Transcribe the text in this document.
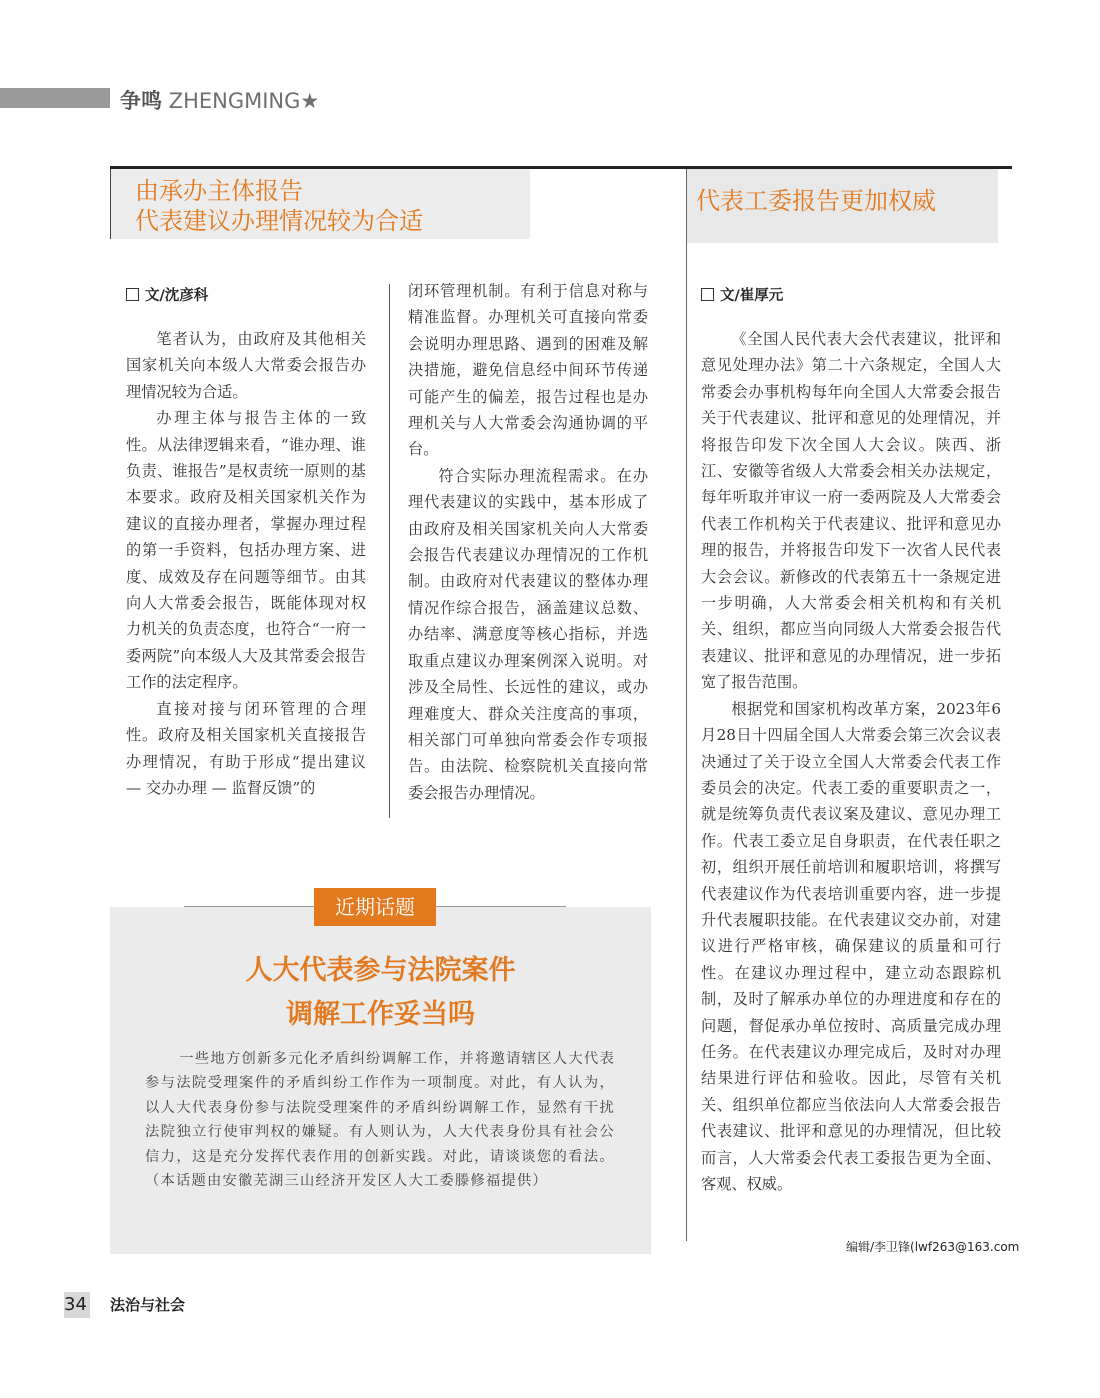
争鸣 ZHENGMING★
由承办主体报告
代表建议办理情况较为合适
代表工委报告更加权威
文/沈彦科	文/崔厚元

笔者认为，由政府及其他相关国家机关向本级人大常委会报告办理情况较为合适。

办理主体与报告主体的一致性。从法律逻辑来看，“谁办理、谁负责、谁报告”是权责统一原则的基本要求。政府及相关国家机关作为建议的直接办理者，掌握办理过程的第一手资料，包括办理方案、进度、成效及存在问题等细节。由其向人大常委会报告，既能体现对权力机关的负责态度，也符合“一府一委两院”向本级人大及其常委会报告工作的法定程序。

直接对接与闭环管理的合理性。政府及相关国家机关直接报告办理情况，有助于形成“提出建议 — 交办办理 — 监督反馈”的

闭环管理机制。有利于信息对称与精准监督。办理机关可直接向常委会说明办理思路、遇到的困难及解决措施，避免信息经中间环节传递可能产生的偏差，报告过程也是办理机关与人大常委会沟通协调的平台。

符合实际办理流程需求。在办理代表建议的实践中，基本形成了由政府及相关国家机关向人大常委会报告代表建议办理情况的工作机制。由政府对代表建议的整体办理情况作综合报告，涵盖建议总数、办结率、满意度等核心指标，并选取重点建议办理案例深入说明。对涉及全局性、长远性的建议，或办理难度大、群众关注度高的事项，相关部门可单独向常委会作专项报告。由法院、检察院机关直接向常委会报告办理情况。

《全国人民代表大会代表建议，批评和意见处理办法》第二十六条规定，全国人大常委会办事机构每年向全国人大常委会报告关于代表建议、批评和意见的处理情况，并将报告印发下次全国人大会议。陕西、浙江、安徽等省级人大常委会相关办法规定，每年听取并审议一府一委两院及人大常委会代表工作机构关于代表建议、批评和意见办理的报告，并将报告印发下一次省人民代表大会会议。新修改的代表第五十一条规定进一步明确，人大常委会相关机构和有关机关、组织，都应当向同级人大常委会报告代表建议、批评和意见的办理情况，进一步拓宽了报告范围。

根据党和国家机构改革方案，2023年6月28日十四届全国人大常委会第三次会议表决通过了关于设立全国人大常委会代表工作委员会的决定。代表工委的重要职责之一，就是统筹负责代表议案及建议、意见办理工作。代表工委立足自身职责，在代表任职之初，组织开展任前培训和履职培训，将撰写代表建议作为代表培训重要内容，进一步提升代表履职技能。在代表建议交办前，对建议进行严格审核，确保建议的质量和可行性。在建议办理过程中，建立动态跟踪机制，及时了解承办单位的办理进度和存在的问题，督促承办单位按时、高质量完成办理任务。在代表建议办理完成后，及时对办理结果进行评估和验收。因此，尽管有关机关、组织单位都应当依法向人大常委会报告代表建议、批评和意见的办理情况，但比较而言，人大常委会代表工委报告更为全面、客观、权威。

近期话题
人大代表参与法院案件
调解工作妥当吗
一些地方创新多元化矛盾纠纷调解工作，并将邀请辖区人大代表参与法院受理案件的矛盾纠纷工作作为一项制度。对此，有人认为，以人大代表身份参与法院受理案件的矛盾纠纷调解工作，显然有干扰法院独立行使审判权的嫌疑。有人则认为，人大代表身份具有社会公信力，这是充分发挥代表作用的创新实践。对此，请谈谈您的看法。（本话题由安徽芜湖三山经济开发区人大工委滕修福提供）
编辑/李卫锋(lwf263@163.com
34 法治与社会
